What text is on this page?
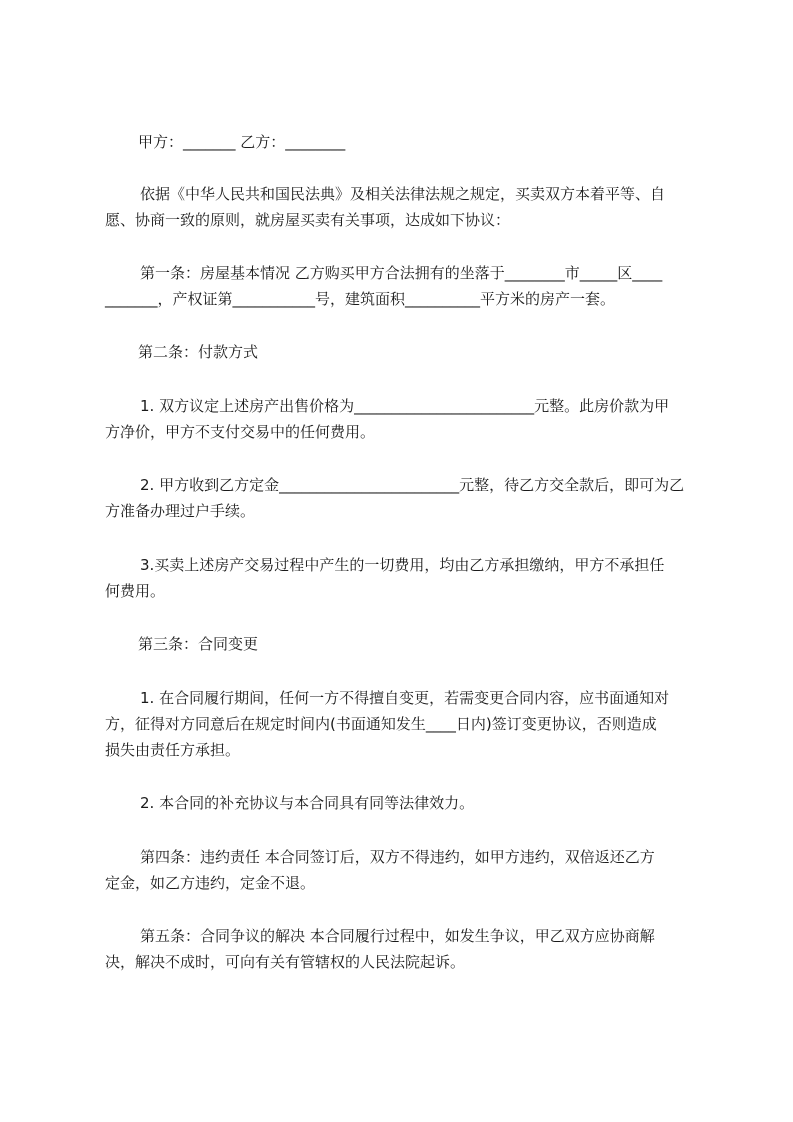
甲方：_______ 乙方：________
依据《中华人民共和国民法典》及相关法律法规之规定，买卖双方本着平等、自
愿、协商一致的原则，就房屋买卖有关事项，达成如下协议：
第一条：房屋基本情况 乙方购买甲方合法拥有的坐落于________市_____区____
_______，产权证第___________号，建筑面积__________平方米的房产一套。
第二条：付款方式
1. 双方议定上述房产出售价格为________________________元整。此房价款为甲
方净价，甲方不支付交易中的任何费用。
2. 甲方收到乙方定金________________________元整，待乙方交全款后，即可为乙
方准备办理过户手续。
3.买卖上述房产交易过程中产生的一切费用，均由乙方承担缴纳，甲方不承担任
何费用。
第三条：合同变更
1. 在合同履行期间，任何一方不得擅自变更，若需变更合同内容，应书面通知对
方，征得对方同意后在规定时间内(书面通知发生____日内)签订变更协议，否则造成
损失由责任方承担。
2. 本合同的补充协议与本合同具有同等法律效力。
第四条：违约责任 本合同签订后，双方不得违约，如甲方违约，双倍返还乙方
定金，如乙方违约，定金不退。
第五条：合同争议的解决 本合同履行过程中，如发生争议，甲乙双方应协商解
决，解决不成时，可向有关有管辖权的人民法院起诉。
